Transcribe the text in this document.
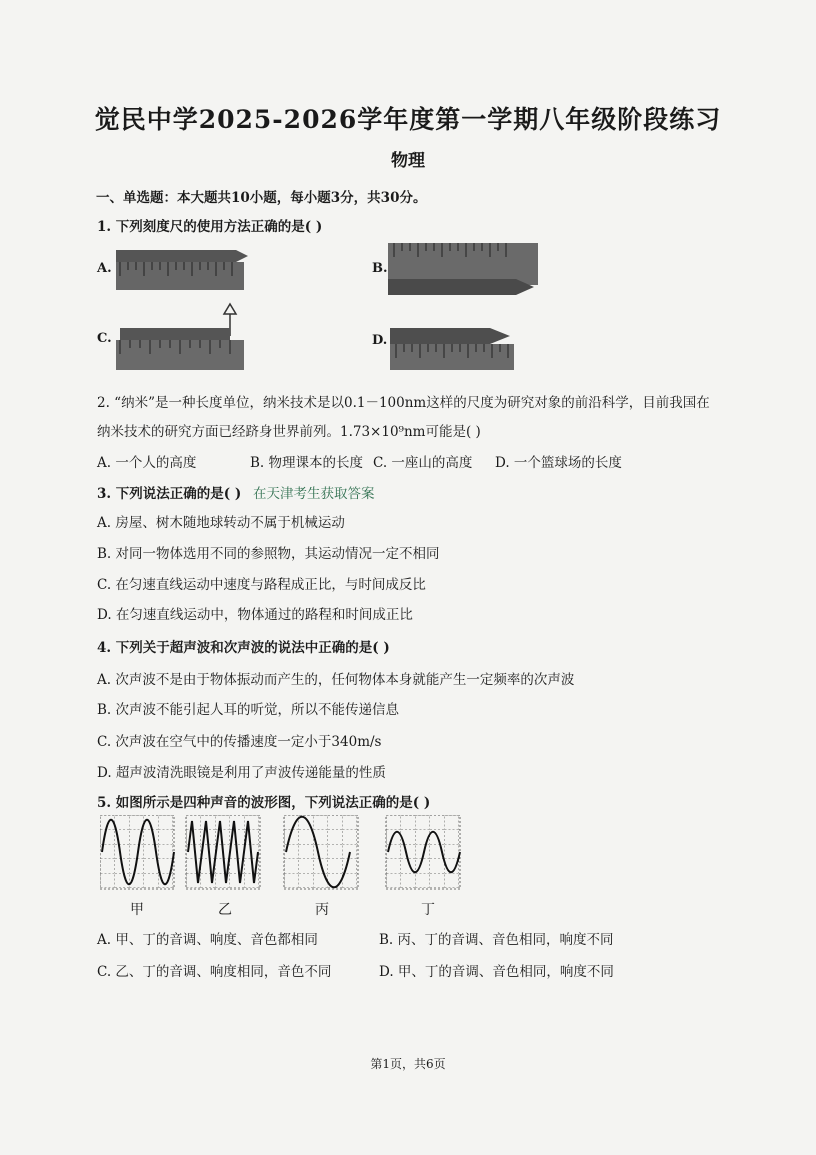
觉民中学2025-2026学年度第一学期八年级阶段练习
物理
一、单选题：本大题共10小题，每小题3分，共30分。
1. 下列刻度尺的使用方法正确的是( )
A.	B.
C.	D.
2. “纳米”是一种长度单位，纳米技术是以0.1－100nm这样的尺度为研究对象的前沿科学，目前我国在
纳米技术的研究方面已经跻身世界前列。1.73×10⁹nm可能是( )
A. 一个人的高度	B. 物理课本的长度 C. 一座山的高度 D. 一个篮球场的长度
3. 下列说法正确的是( ) 在天津考生获取答案
A. 房屋、树木随地球转动不属于机械运动
B. 对同一物体选用不同的参照物，其运动情况一定不相同
C. 在匀速直线运动中速度与路程成正比，与时间成反比
D. 在匀速直线运动中，物体通过的路程和时间成正比
4. 下列关于超声波和次声波的说法中正确的是( )
A. 次声波不是由于物体振动而产生的，任何物体本身就能产生一定频率的次声波
B. 次声波不能引起人耳的听觉，所以不能传递信息
C. 次声波在空气中的传播速度一定小于340m/s
D. 超声波清洗眼镜是利用了声波传递能量的性质
5. 如图所示是四种声音的波形图，下列说法正确的是( )
甲	乙	丙	丁
A. 甲、丁的音调、响度、音色都相同	B. 丙、丁的音调、音色相同，响度不同
C. 乙、丁的音调、响度相同，音色不同	D. 甲、丁的音调、音色相同，响度不同
第1页，共6页
